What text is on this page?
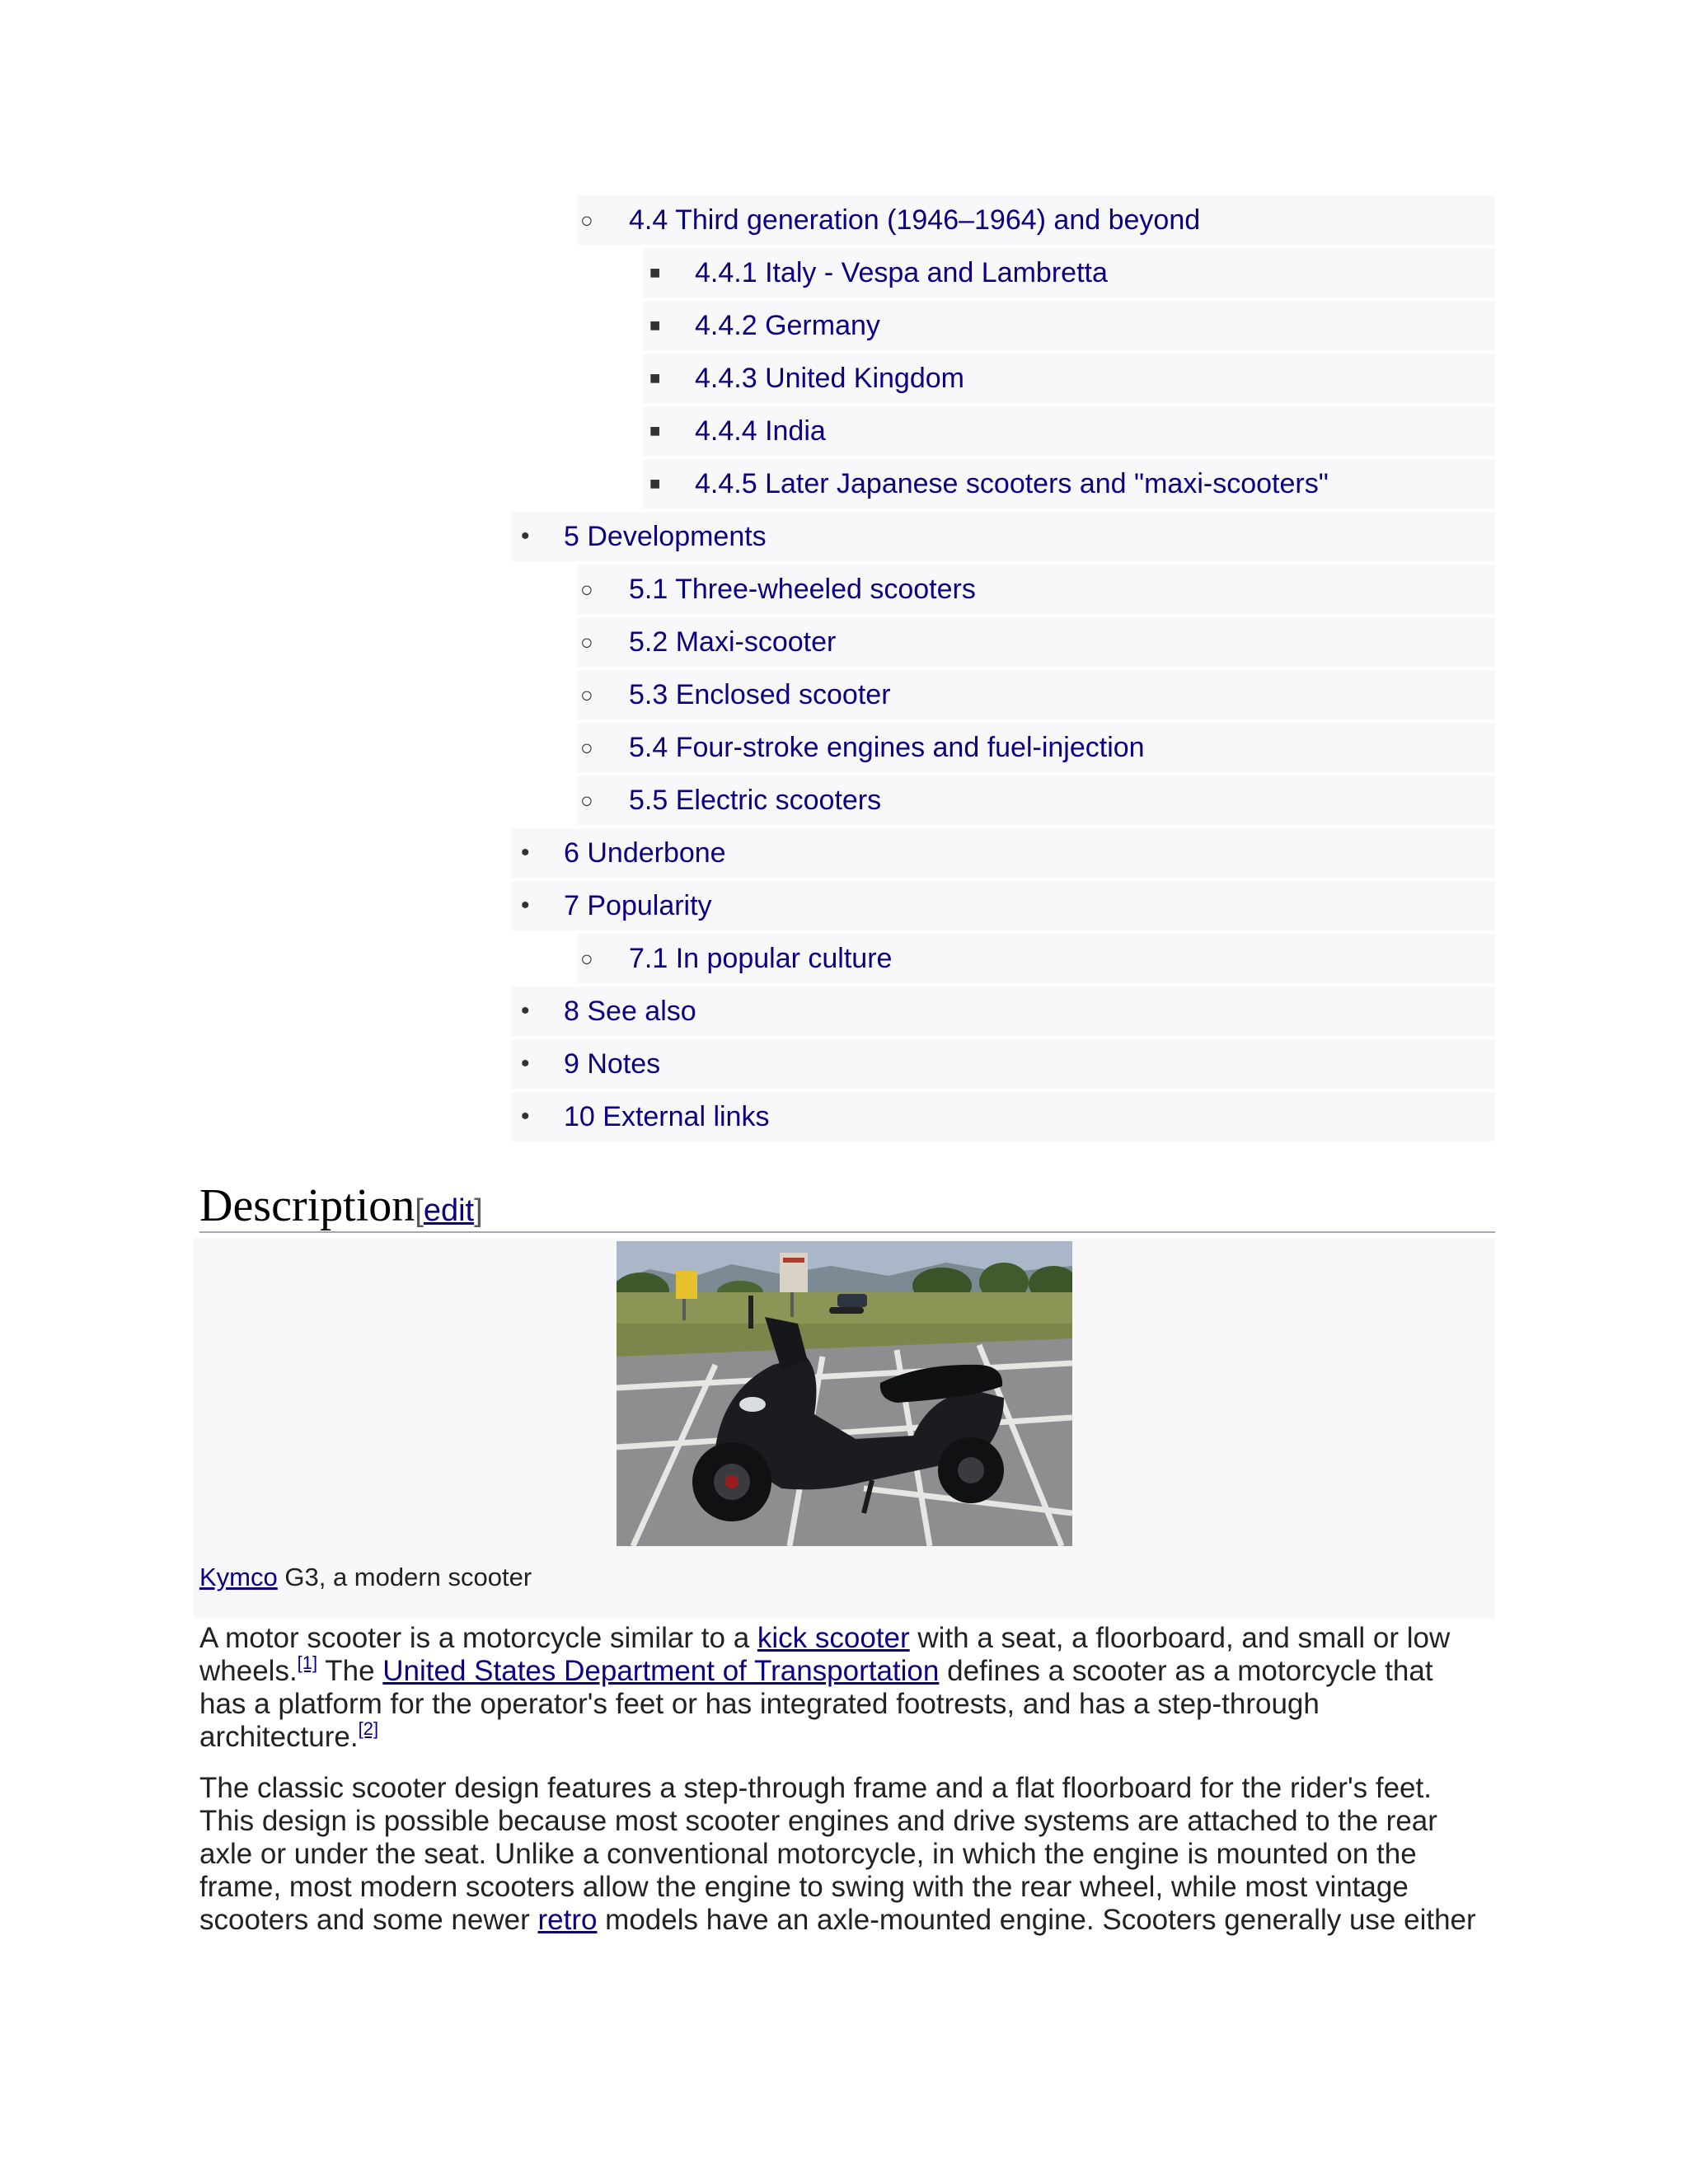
○ 4.4 Third generation (1946–1964) and beyond
■ 4.4.1 Italy - Vespa and Lambretta
■ 4.4.2 Germany
■ 4.4.3 United Kingdom
■ 4.4.4 India
■ 4.4.5 Later Japanese scooters and "maxi-scooters"
• 5 Developments
○ 5.1 Three-wheeled scooters
○ 5.2 Maxi-scooter
○ 5.3 Enclosed scooter
○ 5.4 Four-stroke engines and fuel-injection
○ 5.5 Electric scooters
• 6 Underbone
• 7 Popularity
○ 7.1 In popular culture
• 8 See also
• 9 Notes
• 10 External links
Description[edit]
Kymco G3, a modern scooter
A motor scooter is a motorcycle similar to a kick scooter with a seat, a floorboard, and small or low
wheels.[1] The United States Department of Transportation defines a scooter as a motorcycle that
has a platform for the operator's feet or has integrated footrests, and has a step-through
architecture.[2]
The classic scooter design features a step-through frame and a flat floorboard for the rider's feet.
This design is possible because most scooter engines and drive systems are attached to the rear
axle or under the seat. Unlike a conventional motorcycle, in which the engine is mounted on the
frame, most modern scooters allow the engine to swing with the rear wheel, while most vintage
scooters and some newer retro models have an axle-mounted engine. Scooters generally use either
